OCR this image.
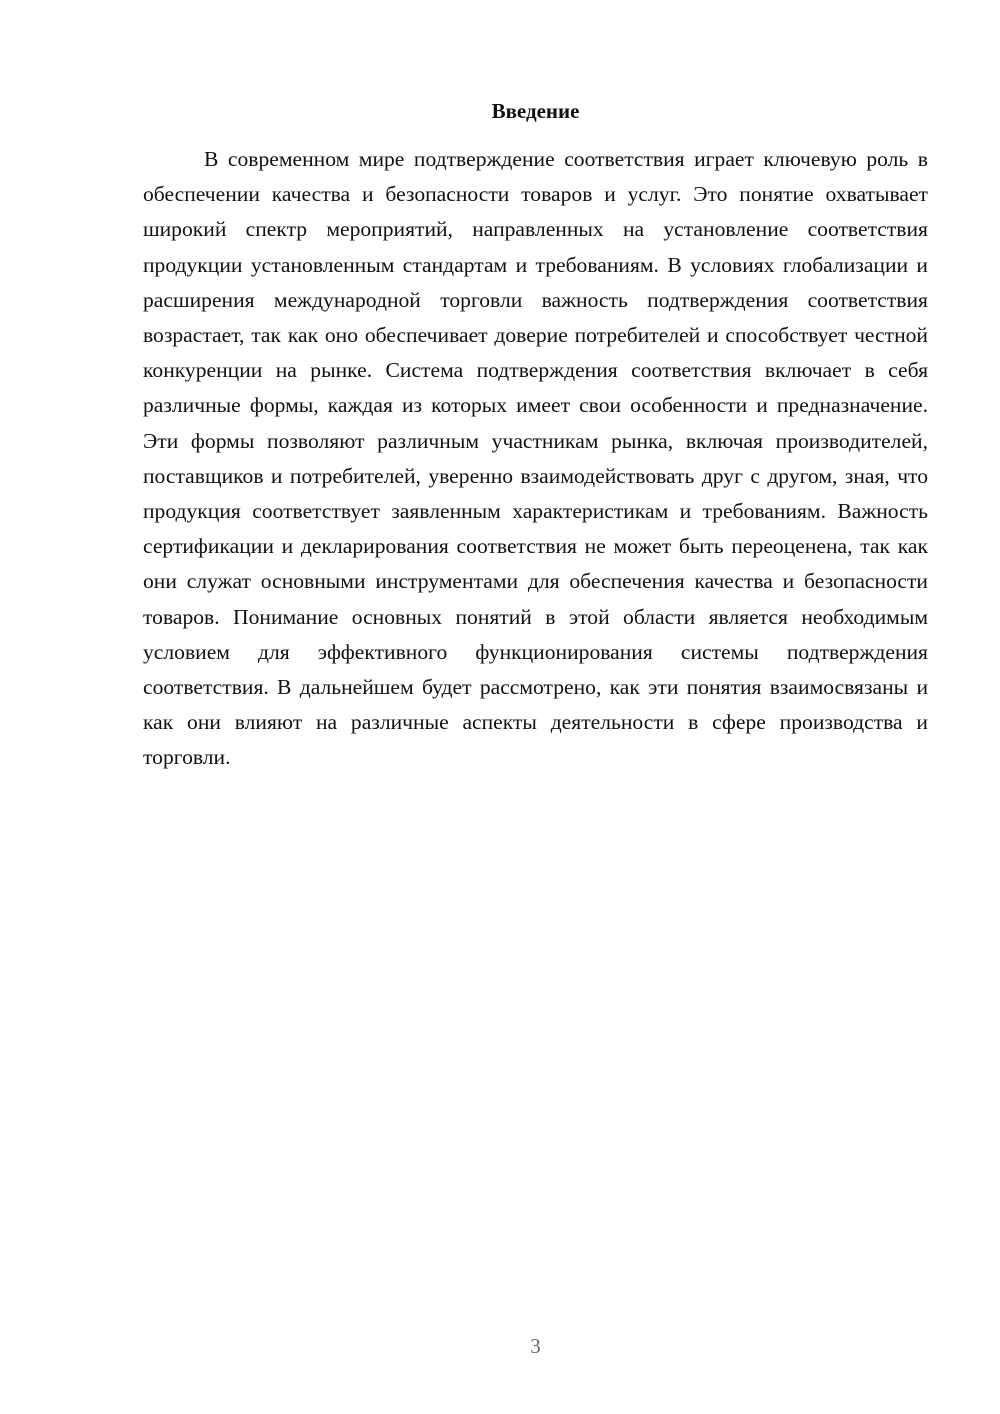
Введение

В современном мире подтверждение соответствия играет ключевую роль в обеспечении качества и безопасности товаров и услуг. Это понятие охватывает широкий спектр мероприятий, направленных на установление соответствия продукции установленным стандартам и требованиям. В условиях глобализации и расширения международной торговли важность подтверждения соответствия возрастает, так как оно обеспечивает доверие потребителей и способствует честной конкуренции на рынке. Система подтверждения соответствия включает в себя различные формы, каждая из которых имеет свои особенности и предназначение. Эти формы позволяют различным участникам рынка, включая производителей, поставщиков и потребителей, уверенно взаимодействовать друг с другом, зная, что продукция соответствует заявленным характеристикам и требованиям. Важность сертификации и декларирования соответствия не может быть переоценена, так как они служат основными инструментами для обеспечения качества и безопасности товаров. Понимание основных понятий в этой области является необходимым условием для эффективного функционирования системы подтверждения соответствия. В дальнейшем будет рассмотрено, как эти понятия взаимосвязаны и как они влияют на различные аспекты деятельности в сфере производства и торговли.

3
